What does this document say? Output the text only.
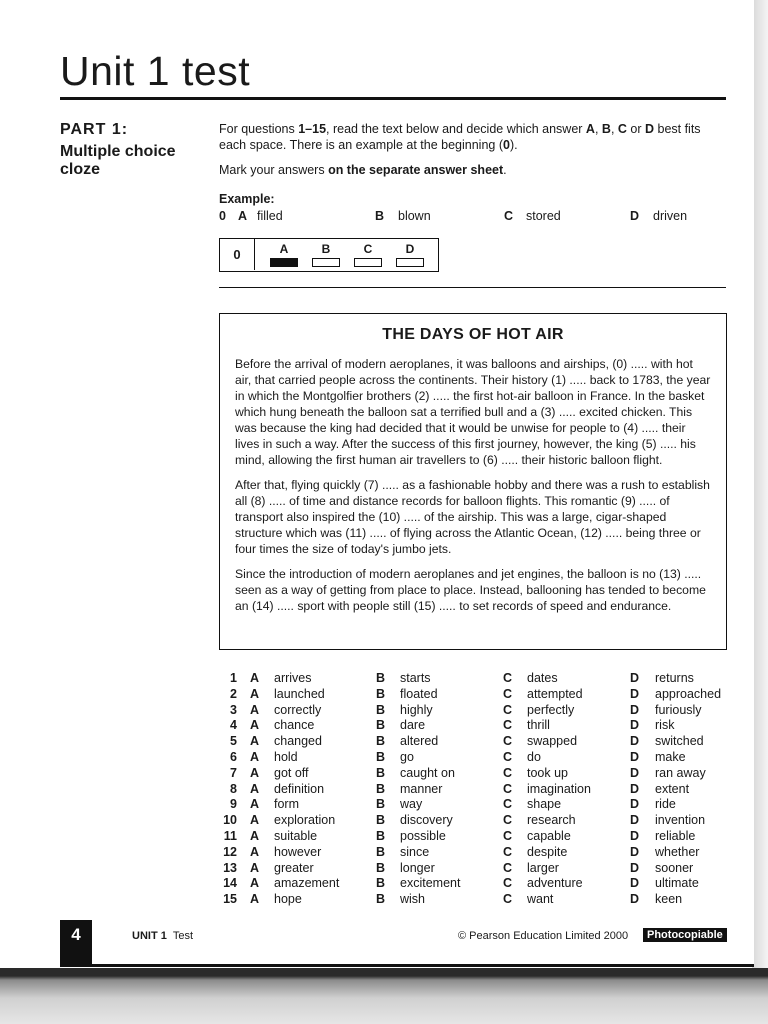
Unit 1 test
PART 1:
Multiple choice cloze

For questions 1–15, read the text below and decide which answer A, B, C or D best fits each space. There is an example at the beginning (0).

Mark your answers on the separate answer sheet.

Example:
0 A filled	B blown	C stored	D driven
0	A	B	C	D
THE DAYS OF HOT AIR

Before the arrival of modern aeroplanes, it was balloons and airships, (0) ..... with hot air, that carried people across the continents. Their history (1) ..... back to 1783, the year in which the Montgolfier brothers (2) ..... the first hot-air balloon in France. In the basket which hung beneath the balloon sat a terrified bull and a (3) ..... excited chicken. This was because the king had decided that it would be unwise for people to (4) ..... their lives in such a way. After the success of this first journey, however, the king (5) ..... his mind, allowing the first human air travellers to (6) ..... their historic balloon flight.

After that, flying quickly (7) ..... as a fashionable hobby and there was a rush to establish all (8) ..... of time and distance records for balloon flights. This romantic (9) ..... of transport also inspired the (10) ..... of the airship. This was a large, cigar-shaped structure which was (11) ..... of flying across the Atlantic Ocean, (12) ..... being three or four times the size of today's jumbo jets.

Since the introduction of modern aeroplanes and jet engines, the balloon is no (13) ..... seen as a way of getting from place to place. Instead, ballooning has tended to become an (14) ..... sport with people still (15) ..... to set records of speed and endurance.

1 A arrives	B starts	C dates	D returns
2 A launched	B floated	C attempted	D approached
3 A correctly	B highly	C perfectly	D furiously
4 A chance	B dare	C thrill	D risk
5 A changed	B altered	C swapped	D switched
6 A hold	B go	C do	D make
7 A got off	B caught on	C took up	D ran away
8 A definition	B manner	C imagination	D extent
9 A form	B way	C shape	D ride
10 A exploration	B discovery	C research	D invention
11 A suitable	B possible	C capable	D reliable
12 A however	B since	C despite	D whether
13 A greater	B longer	C larger	D sooner
14 A amazement	B excitement	C adventure	D ultimate
15 A hope	B wish	C want	D keen
4	UNIT 1 Test	© Pearson Education Limited 2000	Photocopiable
